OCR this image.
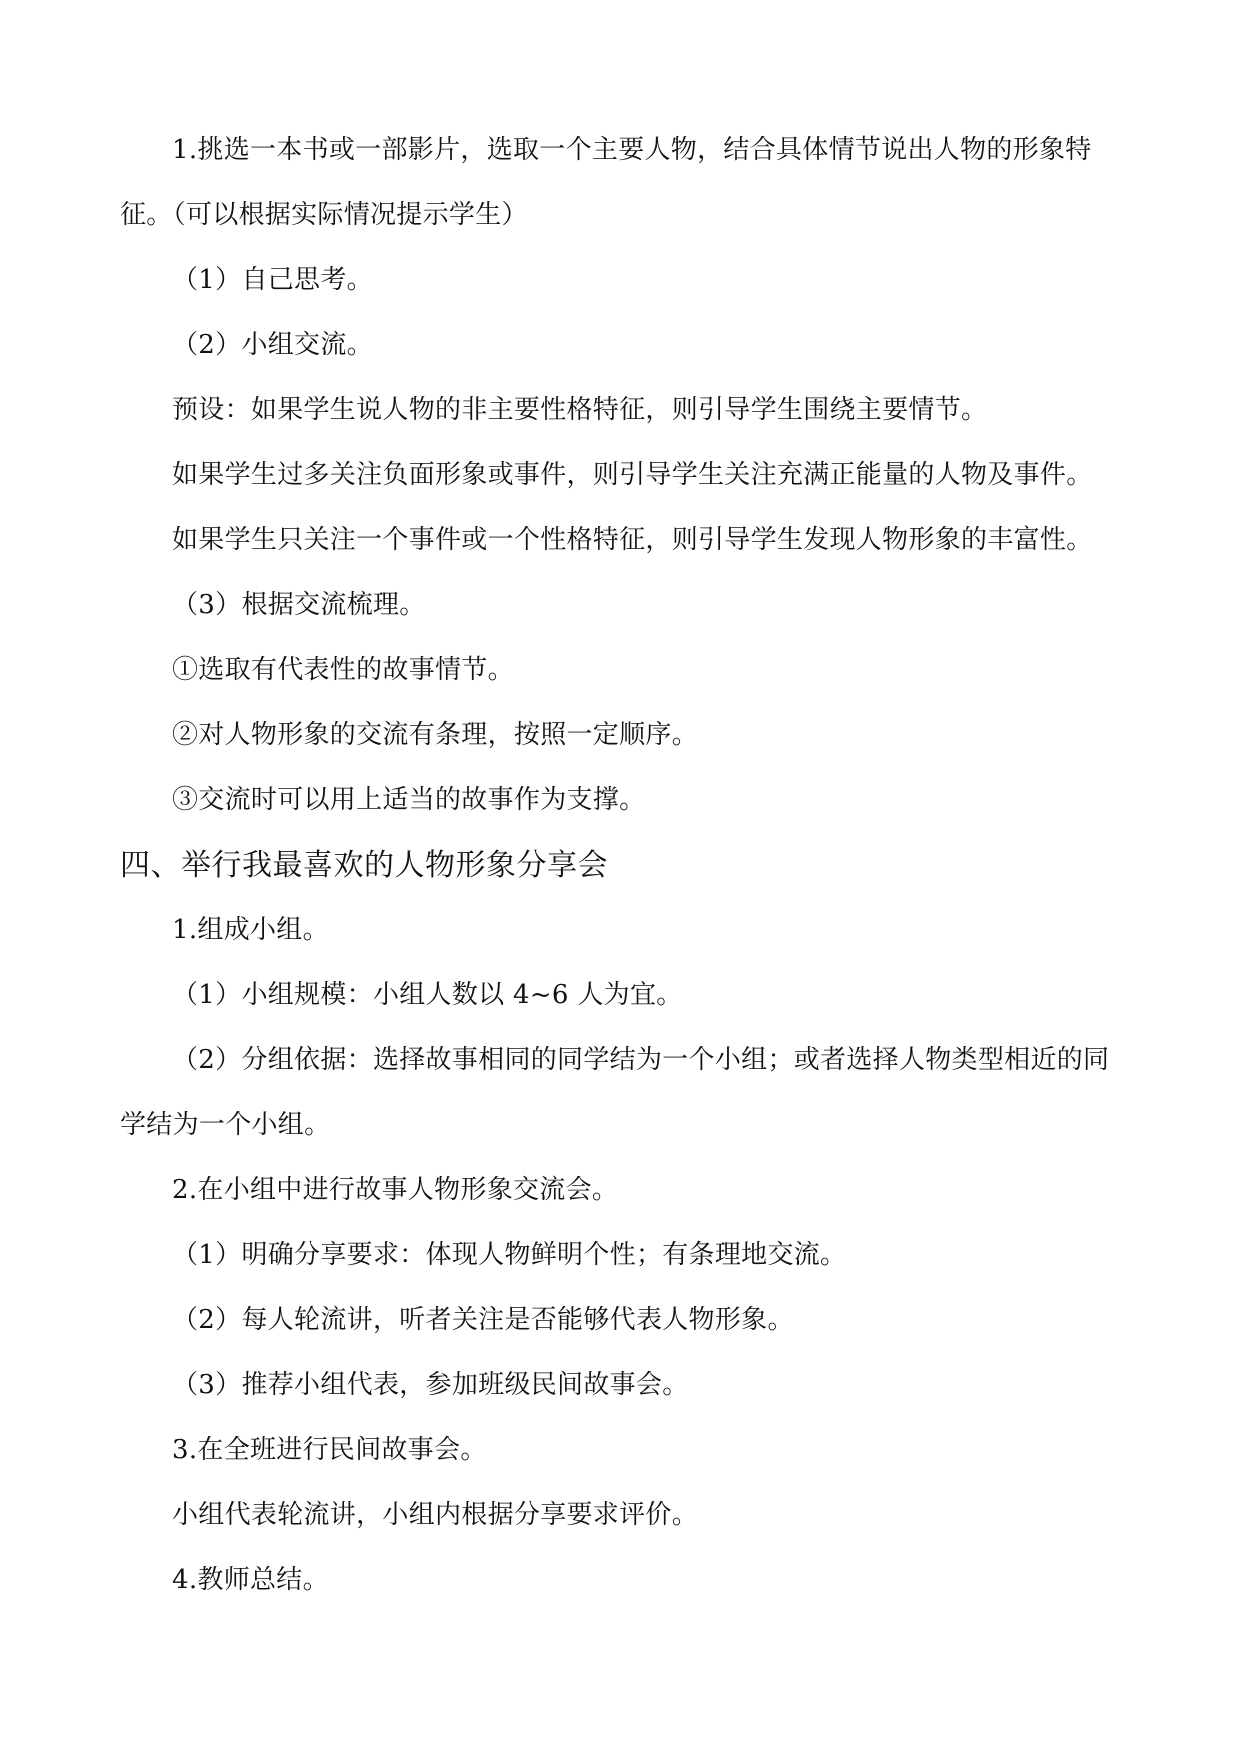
1.挑选一本书或一部影片，选取一个主要人物，结合具体情节说出人物的形象特征。（可以根据实际情况提示学生）

（1）自己思考。

（2）小组交流。

预设：如果学生说人物的非主要性格特征，则引导学生围绕主要情节。

如果学生过多关注负面形象或事件，则引导学生关注充满正能量的人物及事件。

如果学生只关注一个事件或一个性格特征，则引导学生发现人物形象的丰富性。

（3）根据交流梳理。

①选取有代表性的故事情节。

②对人物形象的交流有条理，按照一定顺序。

③交流时可以用上适当的故事作为支撑。

四、举行我最喜欢的人物形象分享会

1.组成小组。

（1）小组规模：小组人数以 4~6 人为宜。

（2）分组依据：选择故事相同的同学结为一个小组；或者选择人物类型相近的同学结为一个小组。

2.在小组中进行故事人物形象交流会。

（1）明确分享要求：体现人物鲜明个性；有条理地交流。

（2）每人轮流讲，听者关注是否能够代表人物形象。

（3）推荐小组代表，参加班级民间故事会。

3.在全班进行民间故事会。

小组代表轮流讲，小组内根据分享要求评价。

4.教师总结。
